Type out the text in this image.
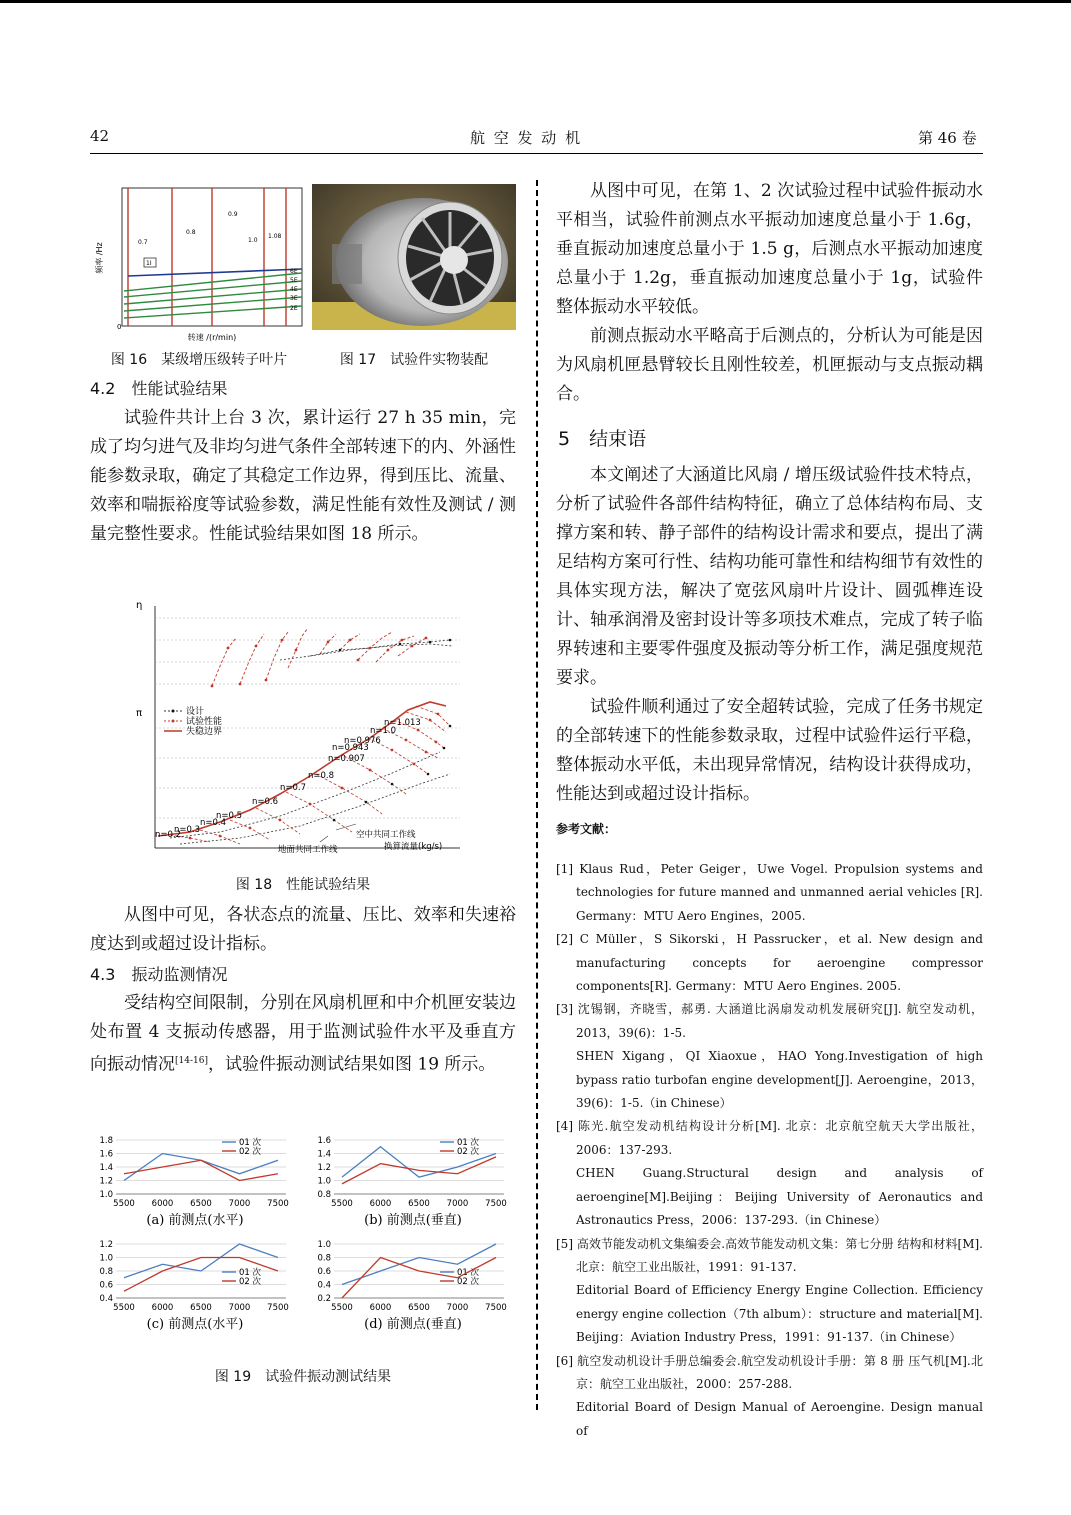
42	航 空 发 动 机	第 46 卷
频率 /Hz
0
0.7
0.8
0.9
1.0
1.08
1I
6E
5E
4E
3E
2E
转速 /(r/min)
图 16　某级增压级转子叶片	图 17　试验件实物装配
4.2　性能试验结果

试验件共计上台 3 次，累计运行 27 h 35 min，完成了均匀进气及非均匀进气条件全部转速下的内、外涵性能参数录取，确定了其稳定工作边界，得到压比、流量、效率和喘振裕度等试验参数，满足性能有效性及测试 / 测量完整性要求。性能试验结果如图 18 所示。

η
π	设计
试验性能
失稳边界
n=0.2
n=0.3
n=0.4
n=0.5
n=0.6
n=0.7
n=0.8
n=0.907
n=0.943
n=0.976
n=1.0
n=1.013
空中共同工作线
地面共同工作线	换算流量(kg/s)
图 18　性能试验结果

从图中可见，各状态点的流量、压比、效率和失速裕度达到或超过设计指标。

4.3　振动监测情况

受结构空间限制，分别在风扇机匣和中介机匣安装边处布置 4 支振动传感器，用于监测试验件水平及垂直方向振动情况[14-16]，试验件振动测试结果如图 19 所示。

1.0
1.2
1.4
1.6
1.8
5500 6000 6500 7000 7500
01 次
02 次
(a) 前测点(水平)
0.8
1.0
1.2
1.4
1.6
5500 6000 6500 7000 7500
01 次
02 次
(b) 前测点(垂直)
0.4
0.6
0.8
1.0
1.2
5500 6000 6500 7000 7500
01 次
02 次
(c) 前测点(水平)
0.2
0.4
0.6
0.8
1.0
5500 6000 6500 7000 7500
01 次
02 次
(d) 前测点(垂直)
图 19　试验件振动测试结果

从图中可见，在第 1、2 次试验过程中试验件振动水平相当，试验件前测点水平振动加速度总量小于 1.6g，垂直振动加速度总量小于 1.5 g，后测点水平振动加速度总量小于 1.2g，垂直振动加速度总量小于 1g，试验件整体振动水平较低。

前测点振动水平略高于后测点的，分析认为可能是因为风扇机匣悬臂较长且刚性较差，机匣振动与支点振动耦合。

5　结束语

本文阐述了大涵道比风扇 / 增压级试验件技术特点，分析了试验件各部件结构特征，确立了总体结构布局、支撑方案和转、静子部件的结构设计需求和要点，提出了满足结构方案可行性、结构功能可靠性和结构细节有效性的具体实现方法，解决了宽弦风扇叶片设计、圆弧榫连设计、轴承润滑及密封设计等多项技术难点，完成了转子临界转速和主要零件强度及振动等分析工作，满足强度规范要求。

试验件顺利通过了安全超转试验，完成了任务书规定的全部转速下的性能参数录取，过程中试验件运行平稳，整体振动水平低，未出现异常情况，结构设计获得成功，性能达到或超过设计指标。

参考文献：

[1] Klaus Rud，Peter Geiger，Uwe Vogel. Propulsion systems and technologies for future manned and unmanned aerial vehicles [R]. Germany：MTU Aero Engines，2005.

[2] C Müller，S Sikorski，H Passrucker，et al. New design and manufacturing concepts for aeroengine compressor components[R]. Germany：MTU Aero Engines. 2005.

[3] 沈锡钢，齐晓雪，郝勇. 大涵道比涡扇发动机发展研究[J]. 航空发动机，2013，39(6)：1-5.

SHEN Xigang，QI Xiaoxue，HAO Yong.Investigation of high bypass ratio turbofan engine development[J]. Aeroengine，2013，39(6)：1-5.（in Chinese）

[4] 陈光.航空发动机结构设计分析[M]. 北京：北京航空航天大学出版社，2006：137-293.

CHEN Guang.Structural design and analysis of aeroengine[M].Beijing：Beijing University of Aeronautics and Astronautics Press，2006：137-293.（in Chinese）

[5] 高效节能发动机文集编委会.高效节能发动机文集：第七分册 结构和材料[M]. 北京：航空工业出版社，1991：91-137.

Editorial Board of Efficiency Energy Engine Collection. Efficiency energy engine collection（7th album）：structure and material[M]. Beijing：Aviation Industry Press，1991：91-137.（in Chinese）

[6] 航空发动机设计手册总编委会.航空发动机设计手册：第 8 册 压气机[M].北京：航空工业出版社，2000：257-288.

Editorial Board of Design Manual of Aeroengine. Design manual of
